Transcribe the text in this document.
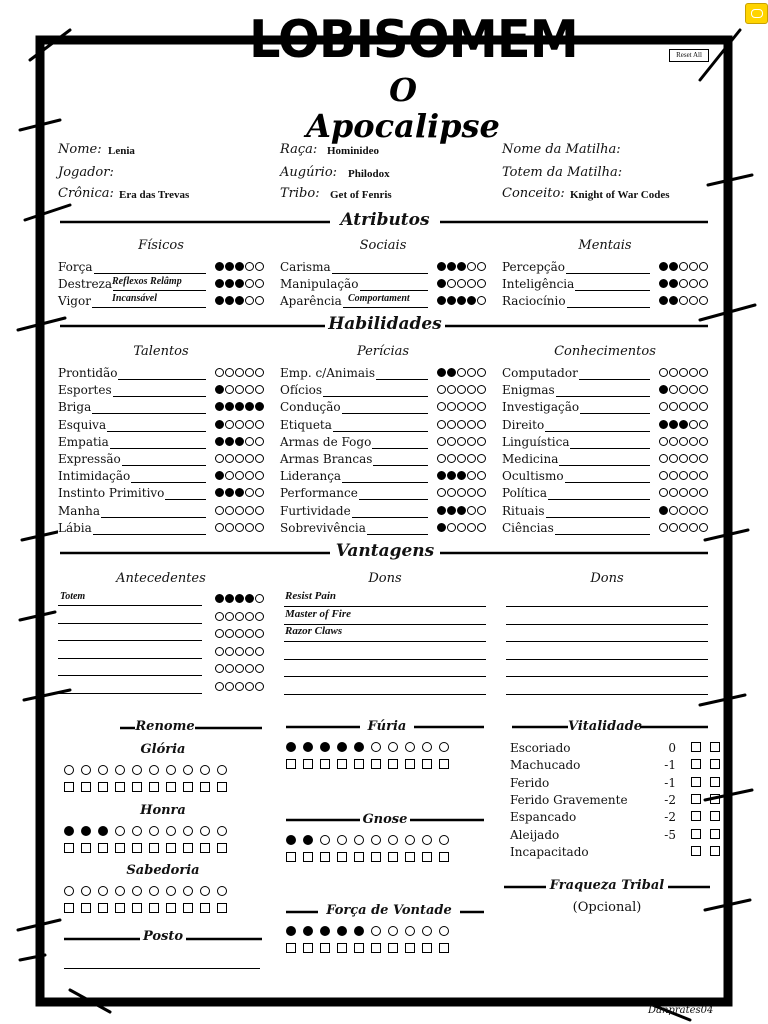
LOBISOMEM
O Apocalipse
Reset All
Nome: Lenia
Jogador:
Crônica: Era das Trevas
Raça: Hominideo
Augúrio: Philodox
Tribo: Get of Fenris
Nome da Matilha:
Totem da Matilha:
Conceito: Knight of War Codes
Atributos
Habilidades
Vantagens
Físicos	Sociais	Mentais
Força
Destreza Reflexos Relâmp
Vigor Incansável
Carisma
Manipulação
Aparência Comportament
Percepção
Inteligência
Raciocínio
Talentos	Perícias	Conhecimentos
Prontidão
Esportes
Briga
Esquiva
Empatia
Expressão
Intimidação
Instinto Primitivo
Manha
Lábia
Emp. c/Animais
Ofícios
Condução
Etiqueta
Armas de Fogo
Armas Brancas
Liderança
Performance
Furtividade
Sobrevivência
Computador
Enigmas
Investigação
Direito
Linguística
Medicina
Ocultismo
Política
Rituais
Ciências
Antecedentes	Dons	Dons
Totem	Resist Pain
Master of Fire
Razor Claws
Renome
Glória
Honra
Sabedoria
Posto
Fúria
Gnose
Força de Vontade
Vitalidade
Escoriado	0
Machucado	-1
Ferido	-1
Ferido Gravemente	-2
Espancado	-2
Aleijado	-5
Incapacitado
Fraqueza Tribal
(Opcional)
Danprates04
